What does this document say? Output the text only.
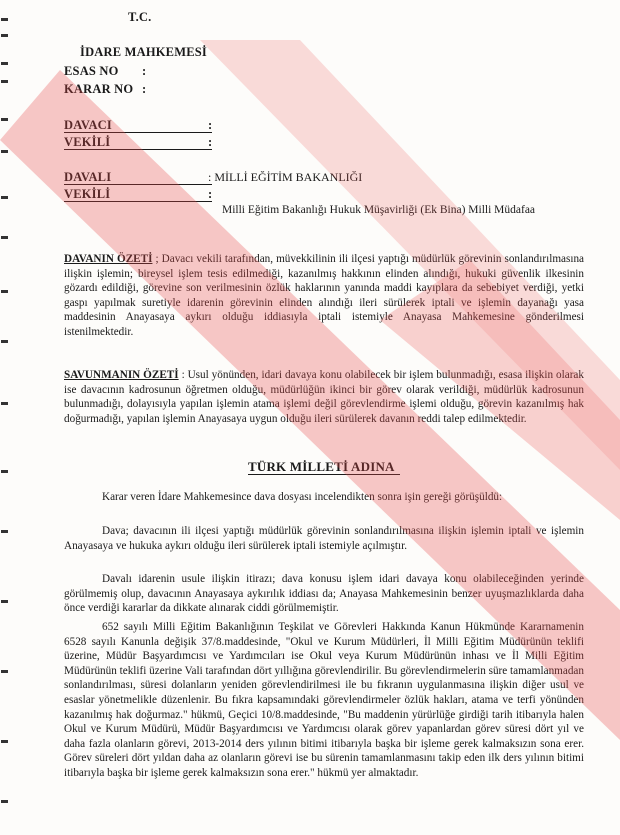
T.C.
İDARE MAHKEMESİ
ESAS NO :
KARAR NO :
DAVACI	:
VEKİLİ	:
DAVALI	: MİLLİ EĞİTİM BAKANLIĞI
VEKİLİ	:
Milli Eğitim Bakanlığı Hukuk Müşavirliği (Ek Bina) Milli Müdafaa
DAVANIN ÖZETİ ; Davacı vekili tarafından, müvekkilinin ili ilçesi yaptığı müdürlük görevinin sonlandırılmasına ilişkin işlemin; bireysel işlem tesis edilmediği, kazanılmış hakkının elinden alındığı, hukuki güvenlik ilkesinin gözardı edildiği, görevine son verilmesinin özlük haklarının yanında maddi kayıplara da sebebiyet verdiği, yetki gaspı yapılmak suretiyle idarenin görevinin elinden alındığı ileri sürülerek iptali ve işlemin dayanağı yasa maddesinin Anayasaya aykırı olduğu iddiasıyla iptali istemiyle Anayasa Mahkemesine gönderilmesi istenilmektedir.
SAVUNMANIN ÖZETİ : Usul yönünden, idari davaya konu olabilecek bir işlem bulunmadığı, esasa ilişkin olarak ise davacının kadrosunun öğretmen olduğu, müdürlüğün ikinci bir görev olarak verildiği, müdürlük kadrosunun bulunmadığı, dolayısıyla yapılan işlemin atama işlemi değil görevlendirme işlemi olduğu, görevin kazanılmış hak doğurmadığı, yapılan işlemin Anayasaya uygun olduğu ileri sürülerek davanın reddi talep edilmektedir.
TÜRK MİLLETİ ADINA
Karar veren İdare Mahkemesince dava dosyası incelendikten sonra işin gereği görüşüldü:
Dava; davacının ili ilçesi yaptığı müdürlük görevinin sonlandırılmasına ilişkin işlemin iptali ve işlemin Anayasaya ve hukuka aykırı olduğu ileri sürülerek iptali istemiyle açılmıştır.
Davalı idarenin usule ilişkin itirazı; dava konusu işlem idari davaya konu olabileceğinden yerinde görülmemiş olup, davacının Anayasaya aykırılık iddiası da; Anayasa Mahkemesinin benzer uyuşmazlıklarda daha önce verdiği kararlar da dikkate alınarak ciddi görülmemiştir.
652 sayılı Milli Eğitim Bakanlığının Teşkilat ve Görevleri Hakkında Kanun Hükmünde Kararnamenin 6528 sayılı Kanunla değişik 37/8.maddesinde, "Okul ve Kurum Müdürleri, İl Milli Eğitim Müdürünün teklifi üzerine, Müdür Başyardımcısı ve Yardımcıları ise Okul veya Kurum Müdürünün inhası ve İl Milli Eğitim Müdürünün teklifi üzerine Vali tarafından dört yıllığına görevlendirilir. Bu görevlendirmelerin süre tamamlanmadan sonlandırılması, süresi dolanların yeniden görevlendirilmesi ile bu fıkranın uygulanmasına ilişkin diğer usul ve esaslar yönetmelikle düzenlenir. Bu fıkra kapsamındaki görevlendirmeler özlük hakları, atama ve terfi yönünden kazanılmış hak doğurmaz." hükmü, Geçici 10/8.maddesinde, "Bu maddenin yürürlüğe girdiği tarih itibarıyla halen Okul ve Kurum Müdürü, Müdür Başyardımcısı ve Yardımcısı olarak görev yapanlardan görev süresi dört yıl ve daha fazla olanların görevi, 2013-2014 ders yılının bitimi itibarıyla başka bir işleme gerek kalmaksızın sona erer. Görev süreleri dört yıldan daha az olanların görevi ise bu sürenin tamamlanmasını takip eden ilk ders yılının bitimi itibarıyla başka bir işleme gerek kalmaksızın sona erer." hükmü yer almaktadır.
